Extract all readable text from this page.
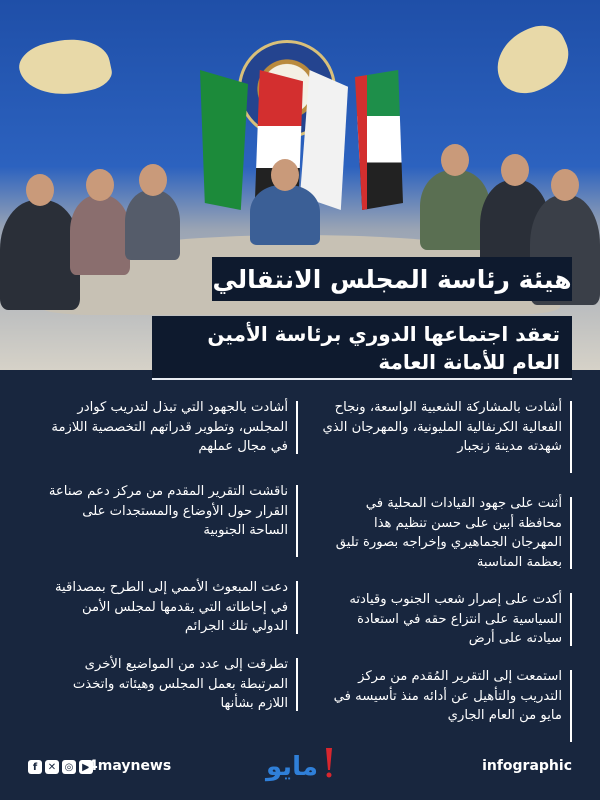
هيئة رئاسة المجلس الانتقالي
تعقد اجتماعها الدوري برئاسة الأمين العام للأمانة العامة
أشادت بالمشاركة الشعبية الواسعة، ونجاح الفعالية الكرنفالية المليونية، والمهرجان الذي شهدته مدينة زنجبار
أثنت على جهود القيادات المحلية في محافظة أبين على حسن تنظيم هذا المهرجان الجماهيري وإخراجه بصورة تليق بعظمة المناسبة
أكدت على إصرار شعب الجنوب وقيادته السياسية على انتزاع حقه في استعادة سيادته على أرض
استمعت إلى التقرير المُقدم من مركز التدريب والتأهيل عن أدائه منذ تأسيسه في مايو من العام الجاري
أشادت بالجهود التي تبذل لتدريب كوادر المجلس، وتطوير قدراتهم التخصصية اللازمة في مجال عملهم
ناقشت التقرير المقدم من مركز دعم صناعة القرار حول الأوضاع والمستجدات على الساحة الجنوبية
دعت المبعوث الأممي إلى الطرح بمصداقية في إحاطاته التي يقدمها لمجلس الأمن الدولي تلك الجرائم
تطرقت إلى عدد من المواضيع الأخرى المرتبطة بعمل المجلس وهيئاته واتخذت اللازم بشأنها
f	✕ ◎ ▶
4maynews	مايو	infographic
